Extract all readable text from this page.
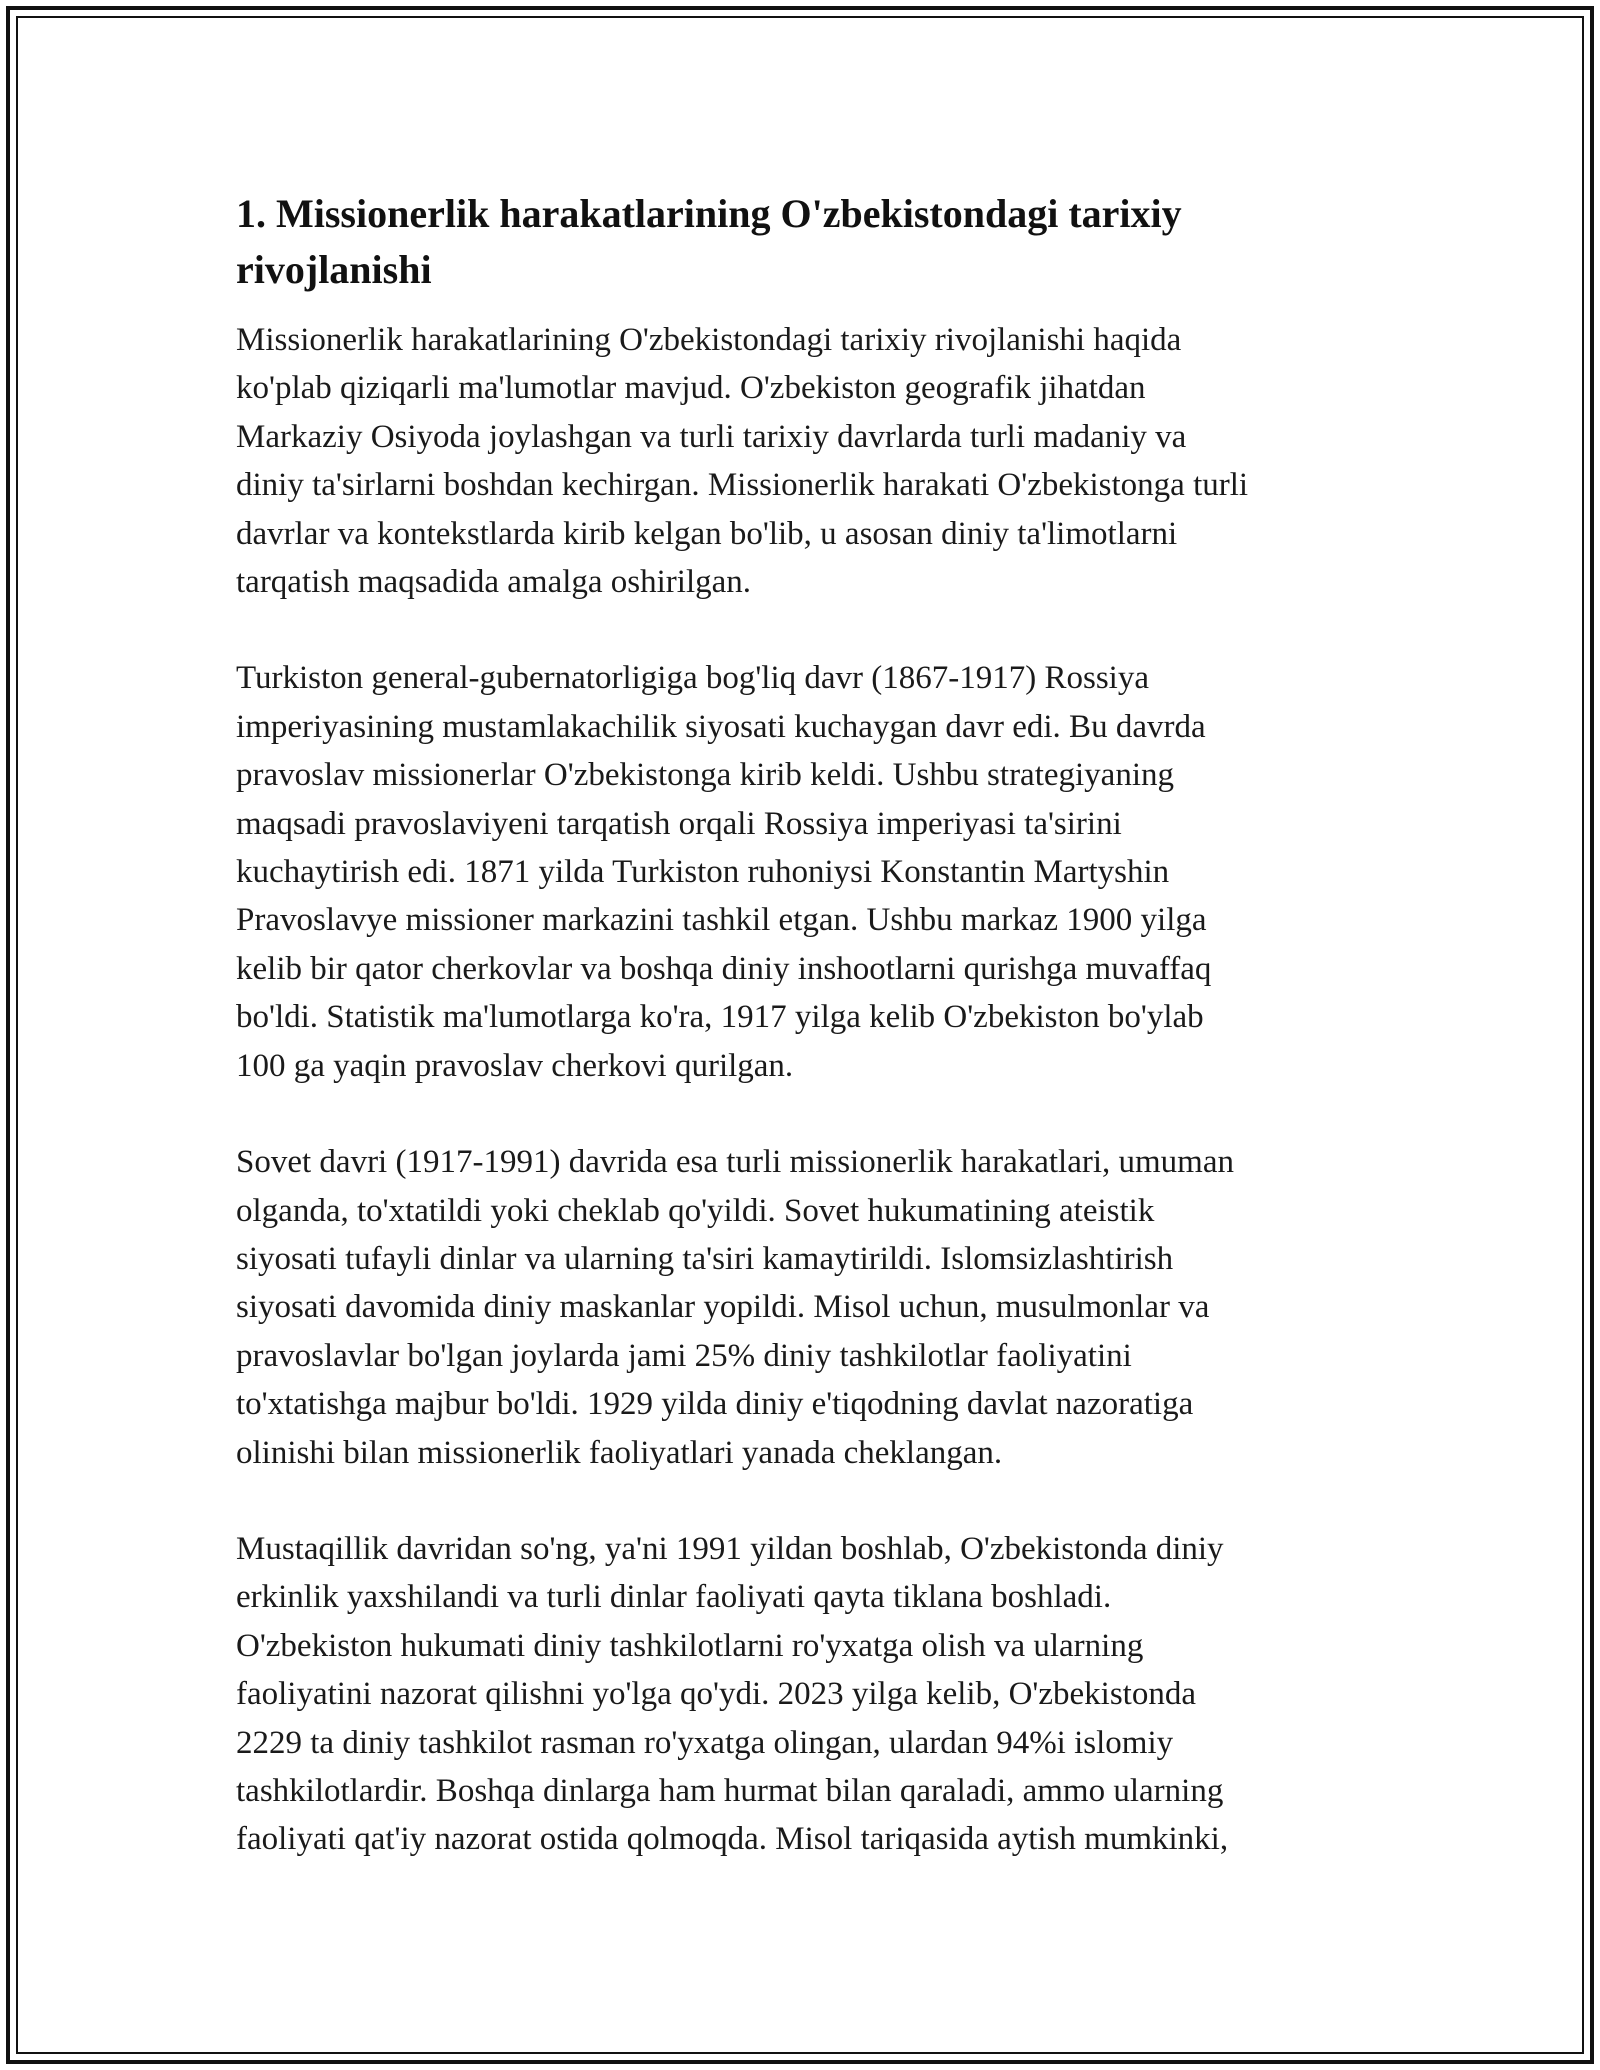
1. Missionerlik harakatlarining O'zbekistondagi tarixiy
rivojlanishi

Missionerlik harakatlarining O'zbekistondagi tarixiy rivojlanishi haqida
ko'plab qiziqarli ma'lumotlar mavjud. O'zbekiston geografik jihatdan
Markaziy Osiyoda joylashgan va turli tarixiy davrlarda turli madaniy va
diniy ta'sirlarni boshdan kechirgan. Missionerlik harakati O'zbekistonga turli
davrlar va kontekstlarda kirib kelgan bo'lib, u asosan diniy ta'limotlarni
tarqatish maqsadida amalga oshirilgan.

Turkiston general-gubernatorligiga bog'liq davr (1867-1917) Rossiya
imperiyasining mustamlakachilik siyosati kuchaygan davr edi. Bu davrda
pravoslav missionerlar O'zbekistonga kirib keldi. Ushbu strategiyaning
maqsadi pravoslaviyeni tarqatish orqali Rossiya imperiyasi ta'sirini
kuchaytirish edi. 1871 yilda Turkiston ruhoniysi Konstantin Martyshin
Pravoslavye missioner markazini tashkil etgan. Ushbu markaz 1900 yilga
kelib bir qator cherkovlar va boshqa diniy inshootlarni qurishga muvaffaq
bo'ldi. Statistik ma'lumotlarga ko'ra, 1917 yilga kelib O'zbekiston bo'ylab
100 ga yaqin pravoslav cherkovi qurilgan.

Sovet davri (1917-1991) davrida esa turli missionerlik harakatlari, umuman
olganda, to'xtatildi yoki cheklab qo'yildi. Sovet hukumatining ateistik
siyosati tufayli dinlar va ularning ta'siri kamaytirildi. Islomsizlashtirish
siyosati davomida diniy maskanlar yopildi. Misol uchun, musulmonlar va
pravoslavlar bo'lgan joylarda jami 25% diniy tashkilotlar faoliyatini
to'xtatishga majbur bo'ldi. 1929 yilda diniy e'tiqodning davlat nazoratiga
olinishi bilan missionerlik faoliyatlari yanada cheklangan.

Mustaqillik davridan so'ng, ya'ni 1991 yildan boshlab, O'zbekistonda diniy
erkinlik yaxshilandi va turli dinlar faoliyati qayta tiklana boshladi.
O'zbekiston hukumati diniy tashkilotlarni ro'yxatga olish va ularning
faoliyatini nazorat qilishni yo'lga qo'ydi. 2023 yilga kelib, O'zbekistonda
2229 ta diniy tashkilot rasman ro'yxatga olingan, ulardan 94%i islomiy
tashkilotlardir. Boshqa dinlarga ham hurmat bilan qaraladi, ammo ularning
faoliyati qat'iy nazorat ostida qolmoqda. Misol tariqasida aytish mumkinki,
